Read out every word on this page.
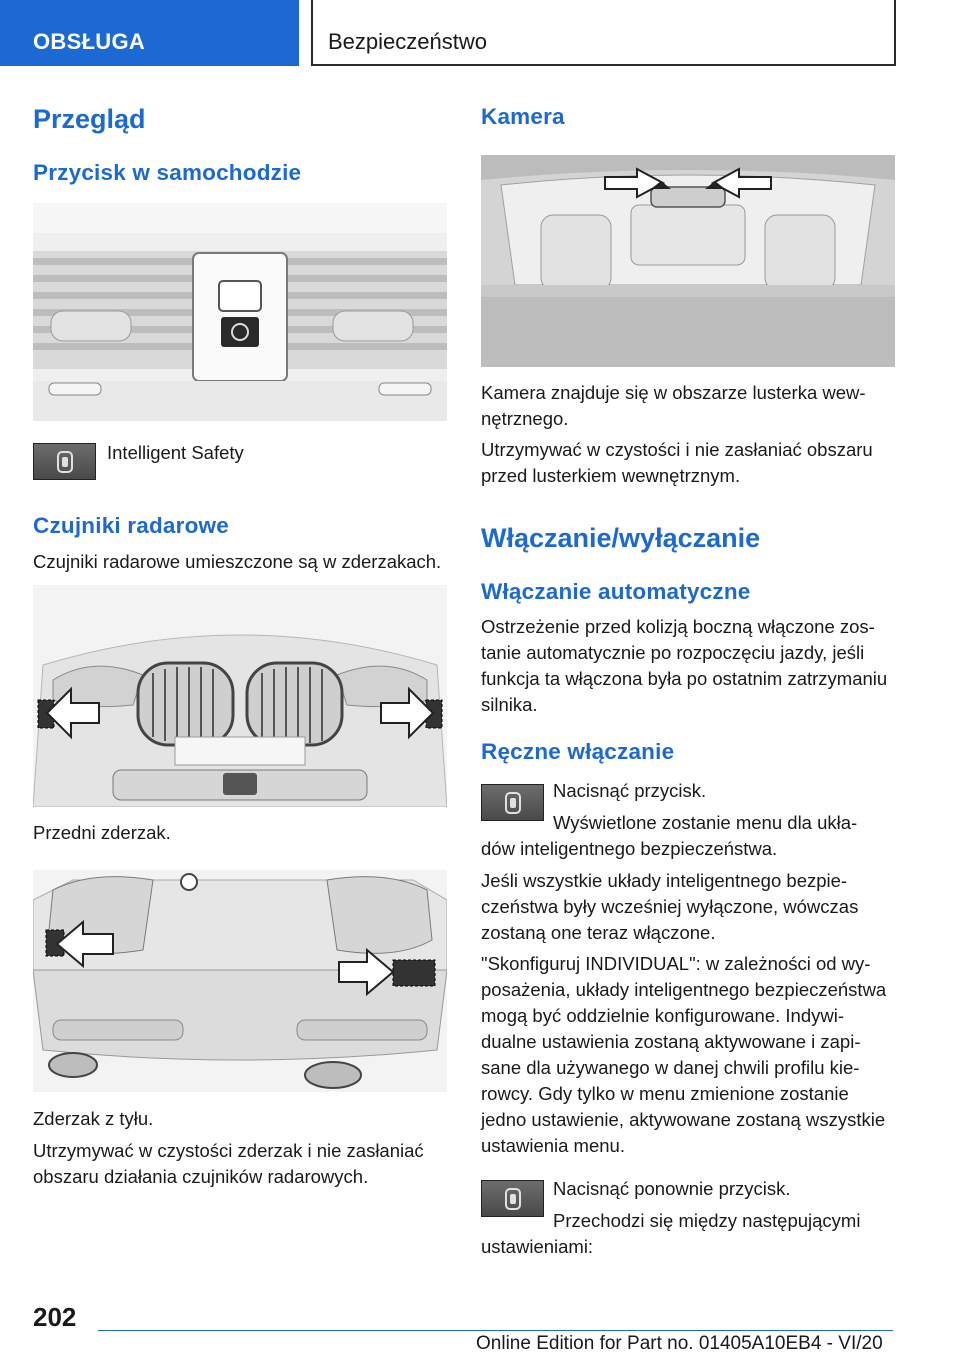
OBSŁUGA	Bezpieczeństwo
Przegląd
Przycisk w samochodzie
Intelligent Safety
Czujniki radarowe
Czujniki radarowe umieszczone są w zderzakach.
Przedni zderzak.
Zderzak z tyłu.
Utrzymywać w czystości zderzak i nie zasłaniać
obszaru działania czujników radarowych.
Kamera
Kamera znajduje się w obszarze lusterka wew-
nętrznego.
Utrzymywać w czystości i nie zasłaniać obszaru
przed lusterkiem wewnętrznym.
Włączanie/wyłączanie
Włączanie automatyczne
Ostrzeżenie przed kolizją boczną włączone zos-
tanie automatycznie po rozpoczęciu jazdy, jeśli
funkcja ta włączona była po ostatnim zatrzymaniu
silnika.
Ręczne włączanie
Nacisnąć przycisk.
Wyświetlone zostanie menu dla ukła-
dów inteligentnego bezpieczeństwa.
Jeśli wszystkie układy inteligentnego bezpie-
czeństwa były wcześniej wyłączone, wówczas
zostaną one teraz włączone.
"Skonfiguruj INDIVIDUAL": w zależności od wy-
posażenia, układy inteligentnego bezpieczeństwa
mogą być oddzielnie konfigurowane. Indywi-
dualne ustawienia zostaną aktywowane i zapi-
sane dla używanego w danej chwili profilu kie-
rowcy. Gdy tylko w menu zmienione zostanie
jedno ustawienie, aktywowane zostaną wszystkie
ustawienia menu.
Nacisnąć ponownie przycisk.
Przechodzi się między następującymi
ustawieniami:
202
Online Edition for Part no. 01405A10EB4 - VI/20
